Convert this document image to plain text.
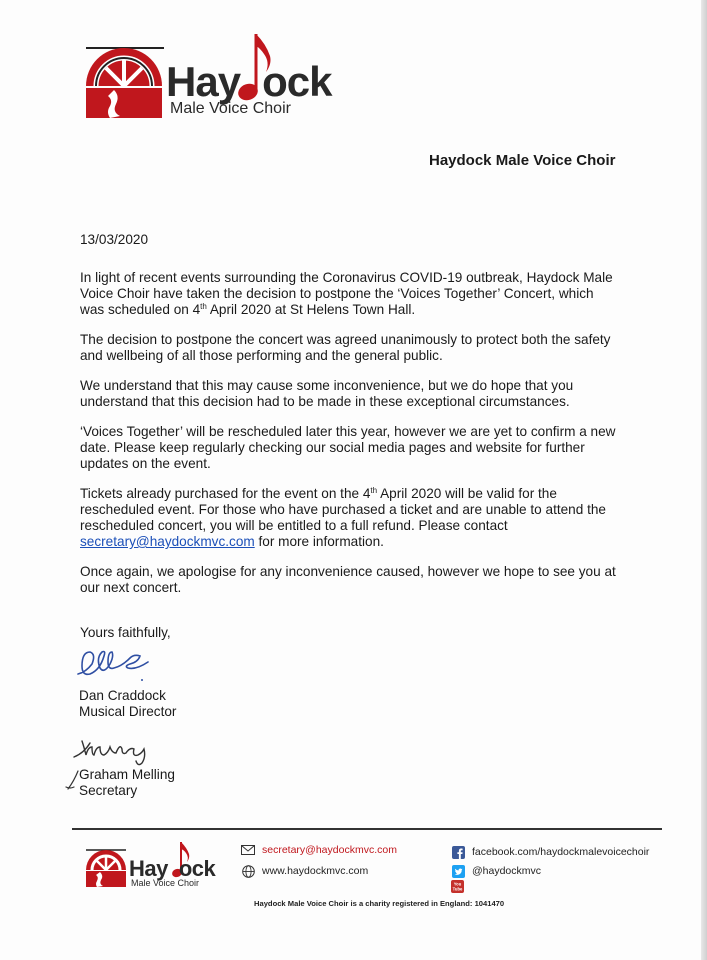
Hay ock
Male Voice Choir
Haydock Male Voice Choir

13/03/2020

In light of recent events surrounding the Coronavirus COVID-19 outbreak, Haydock Male Voice Choir have taken the decision to postpone the ‘Voices Together’ Concert, which was scheduled on 4th April 2020 at St Helens Town Hall.

The decision to postpone the concert was agreed unanimously to protect both the safety and wellbeing of all those performing and the general public.

We understand that this may cause some inconvenience, but we do hope that you understand that this decision had to be made in these exceptional circumstances.

‘Voices Together’ will be rescheduled later this year, however we are yet to confirm a new date. Please keep regularly checking our social media pages and website for further updates on the event.

Tickets already purchased for the event on the 4th April 2020 will be valid for the rescheduled event. For those who have purchased a ticket and are unable to attend the rescheduled concert, you will be entitled to a full refund. Please contact secretary@haydockmvc.com for more information.

Once again, we apologise for any inconvenience caused, however we hope to see you at our next concert.

Yours faithfully,
Dan Craddock
Musical Director
Graham Melling
Secretary
Hay ock
Male Voice Choir
secretary@haydockmvc.com
www.haydockmvc.com
facebook.com/haydockmalevoicechoir
@haydockmvc
You
Tube
Haydock Male Voice Choir is a charity registered in England: 1041470
